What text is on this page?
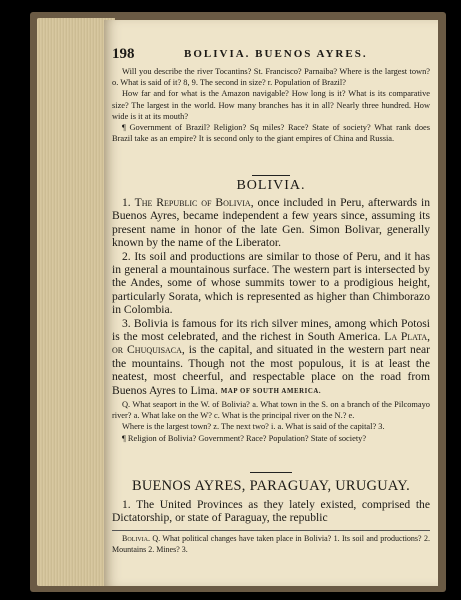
198	BOLIVIA. BUENOS AYRES.

Will you describe the river Tocantins? St. Francisco? Parnaiba? Where is the largest town? o. What is said of it? 8, 9. The second in size? r. Population of Brazil?

How far and for what is the Amazon navigable? How long is it? What is its comparative size? The largest in the world. How many branches has it in all? Nearly three hundred. How wide is it at its mouth?

¶ Government of Brazil? Religion? Sq miles? Race? State of society? What rank does Brazil take as an empire? It is second only to the giant empires of China and Russia.

BOLIVIA.

1. The Republic of Bolivia, once included in Peru, afterwards in Buenos Ayres, became independent a few years since, assuming its present name in honor of the late Gen. Simon Bolivar, generally known by the name of the Liberator.

2. Its soil and productions are similar to those of Peru, and it has in general a mountainous surface. The western part is intersected by the Andes, some of whose summits tower to a prodigious height, particularly Sorata, which is represented as higher than Chimborazo in Colombia.

3. Bolivia is famous for its rich silver mines, among which Potosi is the most celebrated, and the richest in South America. La Plata, or Chuquisaca, is the capital, and situated in the western part near the mountains. Though not the most populous, it is at least the neatest, most cheerful, and respectable place on the road from Buenos Ayres to Lima. MAP OF SOUTH AMERICA.

Q. What seaport in the W. of Bolivia? a. What town in the S. on a branch of the Pilcomayo river? a. What lake on the W? c. What is the principal river on the N.? e.

Where is the largest town? z. The next two? i. a. What is said of the capital? 3.

¶ Religion of Bolivia? Government? Race? Population? State of society?

BUENOS AYRES, PARAGUAY, URUGUAY.

1. The United Provinces as they lately existed, comprised the Dictatorship, or state of Paraguay, the republic

Bolivia. Q. What political changes have taken place in Bolivia? 1. Its soil and productions? 2. Mountains 2. Mines? 3.
